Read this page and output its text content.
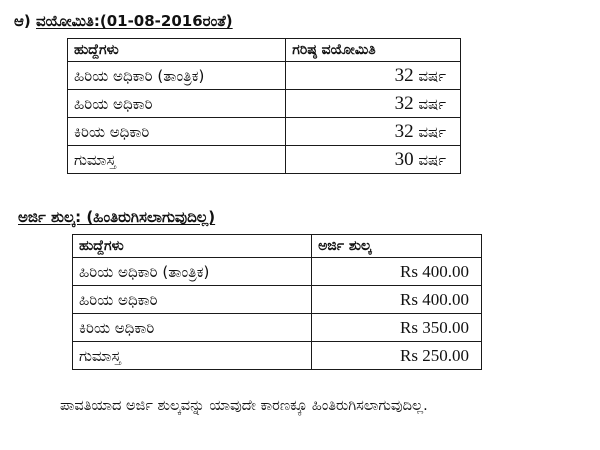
ಆ) ವಯೋಮಿತಿ:(01-08-2016ರಂತೆ)
ಹುದ್ದೆಗಳು	ಗರಿಷ್ಠ ವಯೋಮಿತಿ
ಹಿರಿಯ ಅಧಿಕಾರಿ (ತಾಂತ್ರಿಕ)	32 ವರ್ಷ
ಹಿರಿಯ ಅಧಿಕಾರಿ	32 ವರ್ಷ
ಕಿರಿಯ ಅಧಿಕಾರಿ	32 ವರ್ಷ
ಗುಮಾಸ್ತ	30 ವರ್ಷ
ಅರ್ಜಿ ಶುಲ್ಕ: (ಹಿಂತಿರುಗಿಸಲಾಗುವುದಿಲ್ಲ)
ಹುದ್ದೆಗಳು	ಅರ್ಜಿ ಶುಲ್ಕ
ಹಿರಿಯ ಅಧಿಕಾರಿ (ತಾಂತ್ರಿಕ)	Rs 400.00
ಹಿರಿಯ ಅಧಿಕಾರಿ	Rs 400.00
ಕಿರಿಯ ಅಧಿಕಾರಿ	Rs 350.00
ಗುಮಾಸ್ತ	Rs 250.00
ಪಾವತಿಯಾದ ಅರ್ಜಿ ಶುಲ್ಕವನ್ನು ಯಾವುದೇ ಕಾರಣಕ್ಕೂ ಹಿಂತಿರುಗಿಸಲಾಗುವುದಿಲ್ಲ.
